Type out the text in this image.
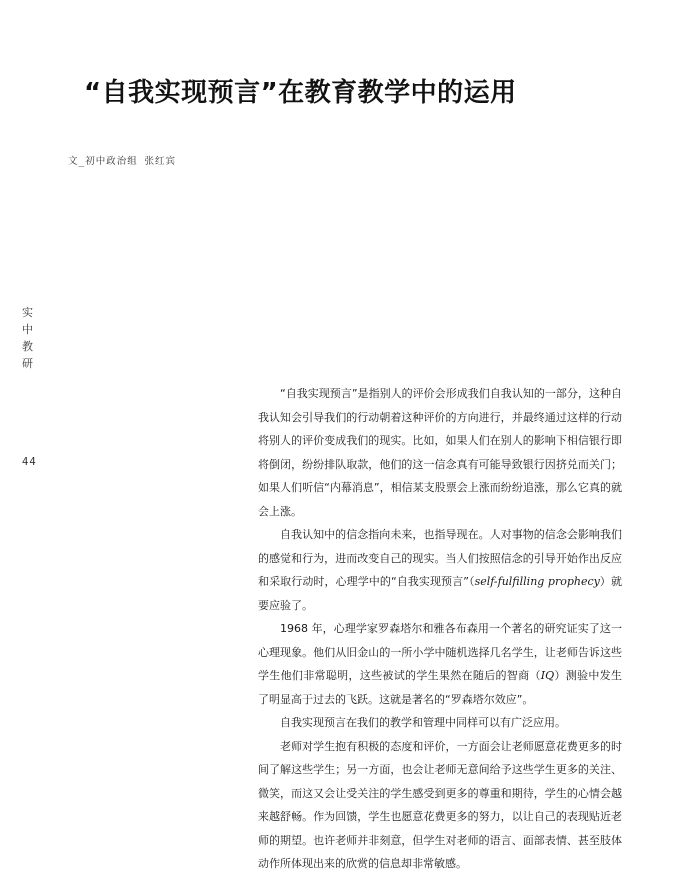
“自我实现预言”在教育教学中的运用
文_初中政治组 张红宾
实
中
教
研
44

“自我实现预言”是指别人的评价会形成我们自我认知的一部分，这种自我认知会引导我们的行动朝着这种评价的方向进行，并最终通过这样的行动将别人的评价变成我们的现实。比如，如果人们在别人的影响下相信银行即将倒闭，纷纷排队取款，他们的这一信念真有可能导致银行因挤兑而关门；如果人们听信“内幕消息”，相信某支股票会上涨而纷纷追涨，那么它真的就会上涨。

自我认知中的信念指向未来，也指导现在。人对事物的信念会影响我们的感觉和行为，进而改变自己的现实。当人们按照信念的引导开始作出反应和采取行动时，心理学中的“自我实现预言”（self-fulfilling prophecy）就要应验了。

1968 年，心理学家罗森塔尔和雅各布森用一个著名的研究证实了这一心理现象。他们从旧金山的一所小学中随机选择几名学生，让老师告诉这些学生他们非常聪明，这些被试的学生果然在随后的智商（IQ）测验中发生了明显高于过去的飞跃。这就是著名的“罗森塔尔效应”。

自我实现预言在我们的教学和管理中同样可以有广泛应用。

老师对学生抱有积极的态度和评价，一方面会让老师愿意花费更多的时间了解这些学生；另一方面，也会让老师无意间给予这些学生更多的关注、微笑，而这又会让受关注的学生感受到更多的尊重和期待，学生的心情会越来越舒畅。作为回馈，学生也愿意花费更多的努力，以让自己的表现贴近老师的期望。也许老师并非刻意，但学生对老师的语言、面部表情、甚至肢体动作所体现出来的欣赏的信息却非常敏感。
